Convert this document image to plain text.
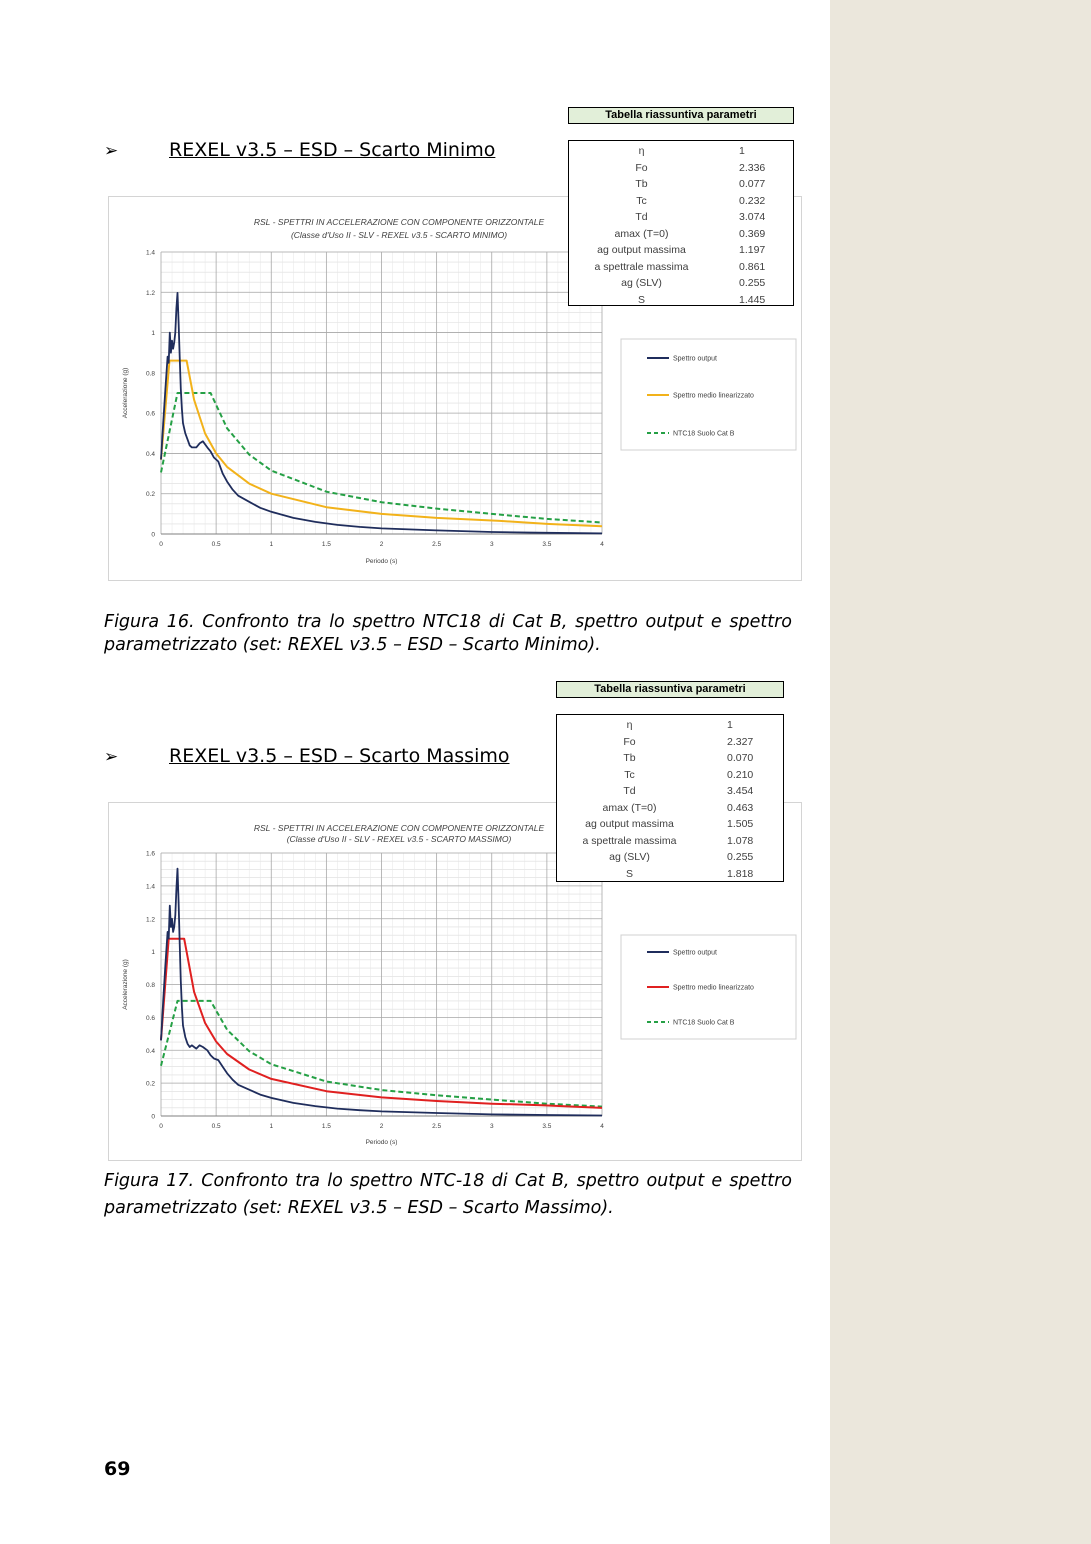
➢	REXEL v3.5 – ESD – Scarto Minimo
RSL - SPETTRI IN ACCELERAZIONE CON COMPONENTE ORIZZONTALE
(Classe d'Uso II - SLV - REXEL v3.5 - SCARTO MINIMO)
0
0.2
0.4
0.6
0.8
1
1.2
1.4
0	0.5	1	1.5	2	2.5	3	3.5	4
Periodo (s)
Accelerazione (g)
Spettro output
Spettro medio linearizzato
NTC18 Suolo Cat B
Tabella riassuntiva parametri
η	1
Fo	2.336
Tb	0.077
Tc	0.232
Td	3.074
amax (T=0)	0.369
ag output massima	1.197
a spettrale massima	0.861
ag (SLV)	0.255
S	1.445
Figura 16. Confronto tra lo spettro NTC18 di Cat B, spettro output e spettro parametrizzato (set: REXEL v3.5 – ESD – Scarto Minimo).
➢	REXEL v3.5 – ESD – Scarto Massimo
RSL - SPETTRI IN ACCELERAZIONE CON COMPONENTE ORIZZONTALE
(Classe d'Uso II - SLV - REXEL v3.5 - SCARTO MASSIMO)
0
0.2
0.4
0.6
0.8
1
1.2
1.4
1.6
0	0.5	1	1.5	2	2.5	3	3.5	4
Periodo (s)
Accelerazione (g)
Spettro output
Spettro medio linearizzato
NTC18 Suolo Cat B
Tabella riassuntiva parametri
η	1
Fo	2.327
Tb	0.070
Tc	0.210
Td	3.454
amax (T=0)	0.463
ag output massima	1.505
a spettrale massima	1.078
ag (SLV)	0.255
S	1.818
Figura 17. Confronto tra lo spettro NTC-18 di Cat B, spettro output e spettro parametrizzato (set: REXEL v3.5 – ESD – Scarto Massimo).
69
